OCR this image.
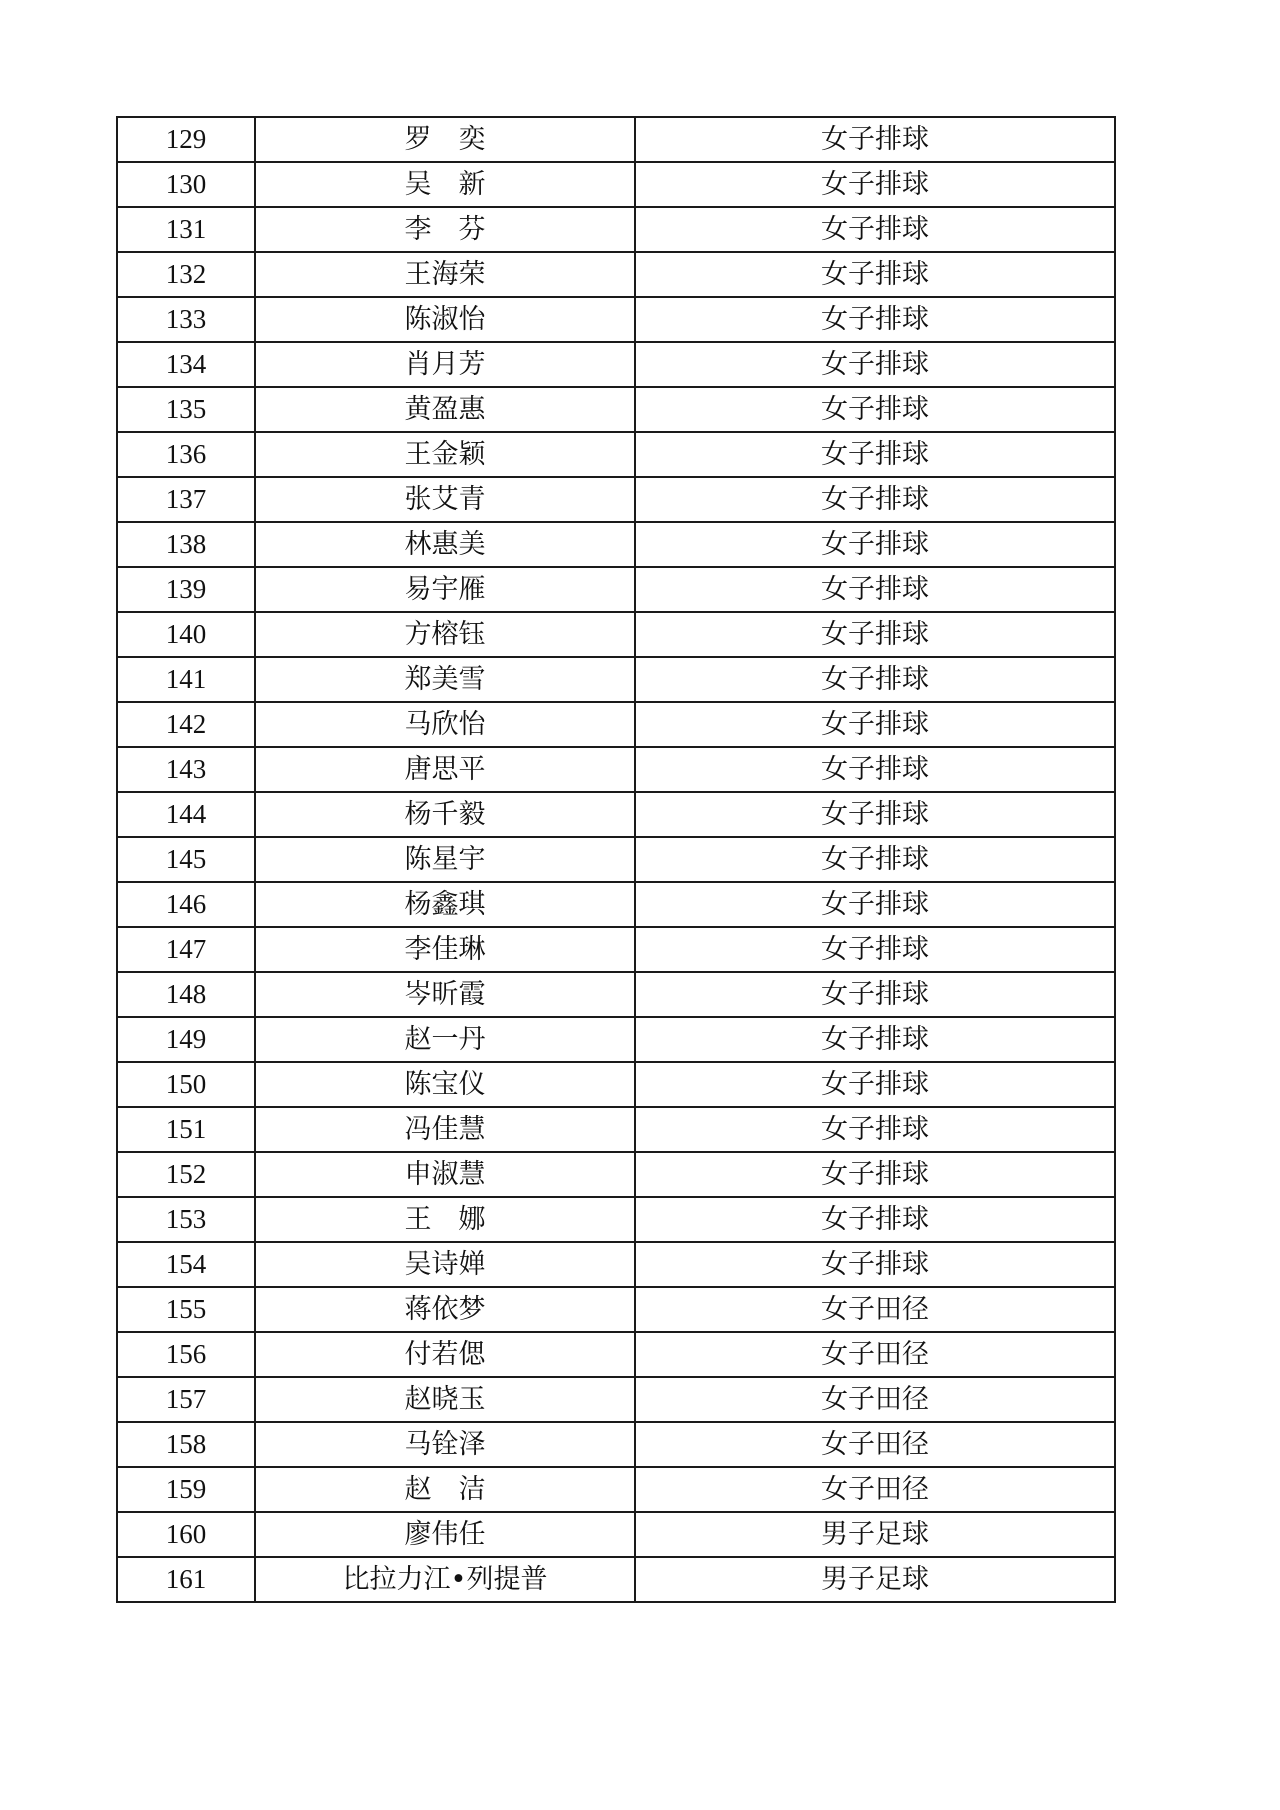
129	罗　奕	女子排球
130	吴　新	女子排球
131	李　芬	女子排球
132	王海荣	女子排球
133	陈淑怡	女子排球
134	肖月芳	女子排球
135	黄盈惠	女子排球
136	王金颖	女子排球
137	张艾青	女子排球
138	林惠美	女子排球
139	易宇雁	女子排球
140	方榕钰	女子排球
141	郑美雪	女子排球
142	马欣怡	女子排球
143	唐思平	女子排球
144	杨千毅	女子排球
145	陈星宇	女子排球
146	杨鑫琪	女子排球
147	李佳琳	女子排球
148	岑昕霞	女子排球
149	赵一丹	女子排球
150	陈宝仪	女子排球
151	冯佳慧	女子排球
152	申淑慧	女子排球
153	王　娜	女子排球
154	吴诗婵	女子排球
155	蒋依梦	女子田径
156	付若偲	女子田径
157	赵晓玉	女子田径
158	马铨泽	女子田径
159	赵　洁	女子田径
160	廖伟任	男子足球
161	比拉力江•列提普	男子足球
